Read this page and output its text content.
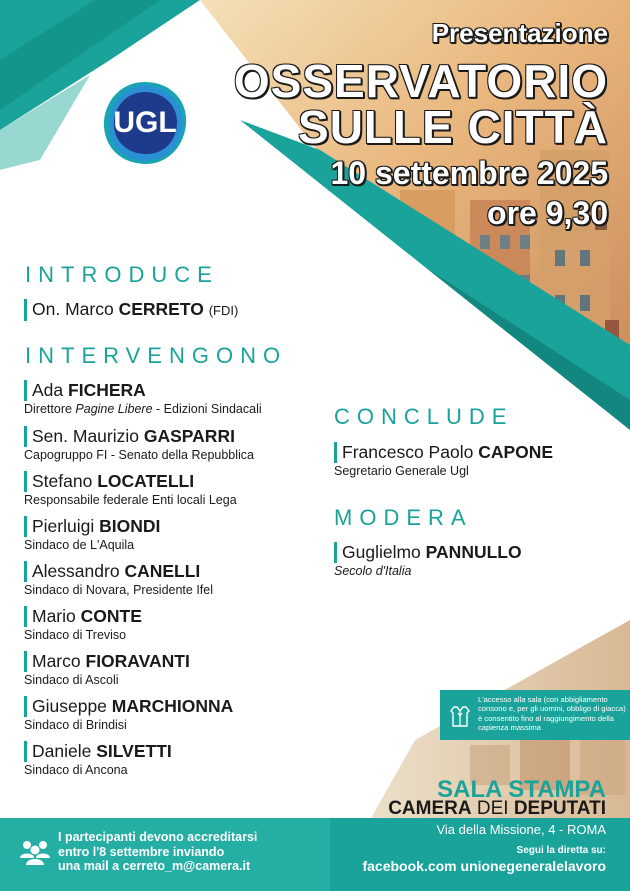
Presentazione
OSSERVATORIO
SULLE CITTÀ
10 settembre 2025
ore 9,30
UGL
INTRODUCE
On. Marco CERRETO (FDI)
INTERVENGONO
Ada FICHERA
Direttore Pagine Libere - Edizioni Sindacali
Sen. Maurizio GASPARRI
Capogruppo FI - Senato della Repubblica
Stefano LOCATELLI
Responsabile federale Enti locali Lega
Pierluigi BIONDI
Sindaco de L'Aquila
Alessandro CANELLI
Sindaco di Novara, Presidente Ifel
Mario CONTE
Sindaco di Treviso
Marco FIORAVANTI
Sindaco di Ascoli
Giuseppe MARCHIONNA
Sindaco di Brindisi
Daniele SILVETTI
Sindaco di Ancona
CONCLUDE
Francesco Paolo CAPONE
Segretario Generale Ugl
MODERA
Guglielmo PANNULLO
Secolo d'Italia
L'accesso alla sala (con abbigliamento consono e, per gli uomini, obbligo di giacca) è consentito fino al raggiungimento della capienza massima
SALA STAMPA
CAMERA DEI DEPUTATI
Via della Missione, 4 - ROMA
I partecipanti devono accreditarsi
entro l'8 settembre inviando
una mail a cerreto_m@camera.it
Segui la diretta su:
facebook.com unionegeneralelavoro
